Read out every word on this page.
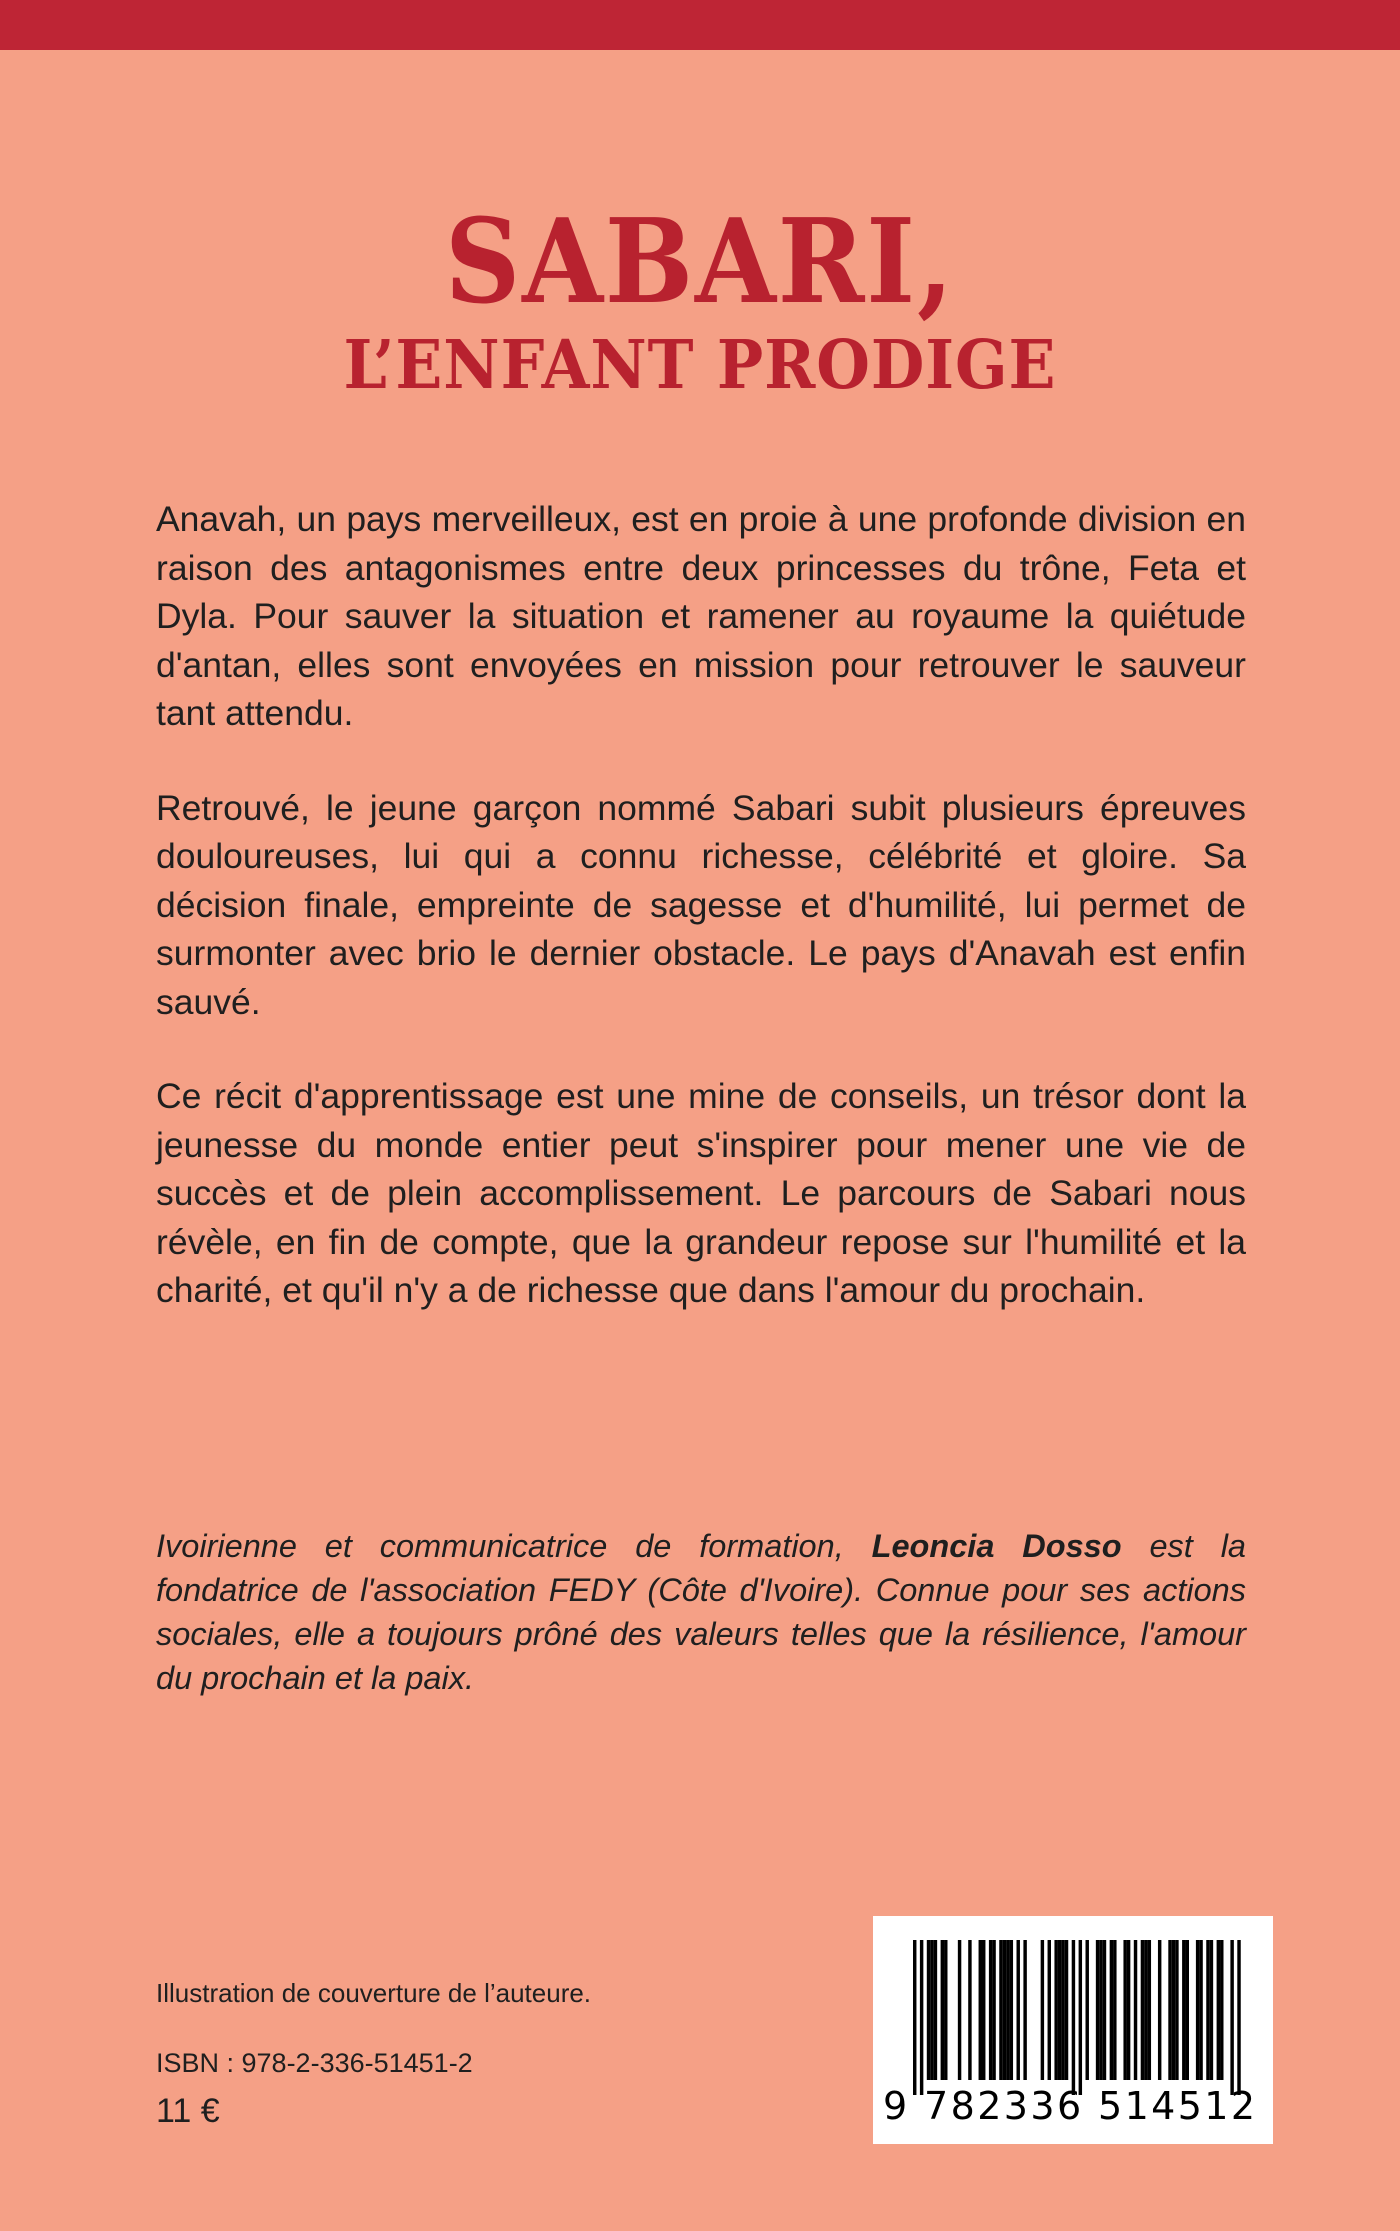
SABARI,
L’ENFANT PRODIGE

Anavah, un pays merveilleux, est en proie à une profonde division en raison des antagonismes entre deux princesses du trône, Feta et Dyla. Pour sauver la situation et ramener au royaume la quiétude d'antan, elles sont envoyées en mission pour retrouver le sauveur tant attendu.

Retrouvé, le jeune garçon nommé Sabari subit plusieurs épreuves douloureuses, lui qui a connu richesse, célébrité et gloire. Sa décision finale, empreinte de sagesse et d'humilité, lui permet de surmonter avec brio le dernier obstacle. Le pays d'Anavah est enfin sauvé.

Ce récit d'apprentissage est une mine de conseils, un trésor dont la jeunesse du monde entier peut s'inspirer pour mener une vie de succès et de plein accomplissement. Le parcours de Sabari nous révèle, en fin de compte, que la grandeur repose sur l'humilité et la charité, et qu'il n'y a de richesse que dans l'amour du prochain.

Ivoirienne et communicatrice de formation, Leoncia Dosso est la fondatrice de l'association FEDY (Côte d'Ivoire). Connue pour ses actions sociales, elle a toujours prôné des valeurs telles que la résilience, l'amour du prochain et la paix.

Illustration de couverture de l’auteure.
ISBN : 978-2-336-51451-2
11 €	9 782336 514512
